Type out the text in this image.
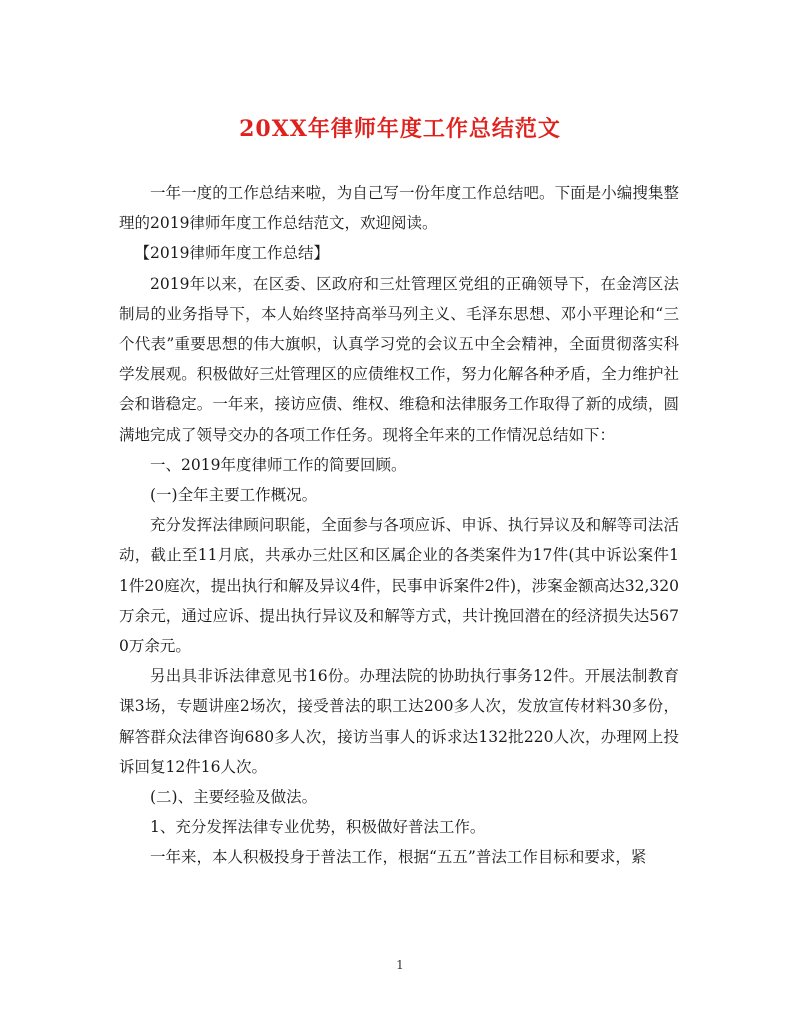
20XX年律师年度工作总结范文

一年一度的工作总结来啦，为自己写一份年度工作总结吧。下面是小编搜集整理的2019律师年度工作总结范文，欢迎阅读。

【2019律师年度工作总结】

2019年以来，在区委、区政府和三灶管理区党组的正确领导下，在金湾区法制局的业务指导下，本人始终坚持高举马列主义、毛泽东思想、邓小平理论和“三个代表”重要思想的伟大旗帜，认真学习党的会议五中全会精神，全面贯彻落实科学发展观。积极做好三灶管理区的应债维权工作，努力化解各种矛盾，全力维护社会和谐稳定。一年来，接访应债、维权、维稳和法律服务工作取得了新的成绩，圆满地完成了领导交办的各项工作任务。现将全年来的工作情况总结如下：

一、2019年度律师工作的简要回顾。

(一)全年主要工作概况。

充分发挥法律顾问职能，全面参与各项应诉、申诉、执行异议及和解等司法活动，截止至11月底，共承办三灶区和区属企业的各类案件为17件(其中诉讼案件11件20庭次，提出执行和解及异议4件，民事申诉案件2件)，涉案金额高达32,320万余元，通过应诉、提出执行异议及和解等方式，共计挽回潜在的经济损失达5670万余元。

另出具非诉法律意见书16份。办理法院的协助执行事务12件。开展法制教育课3场，专题讲座2场次，接受普法的职工达200多人次，发放宣传材料30多份，解答群众法律咨询680多人次，接访当事人的诉求达132批220人次，办理网上投诉回复12件16人次。

(二)、主要经验及做法。

1、充分发挥法律专业优势，积极做好普法工作。

一年来，本人积极投身于普法工作，根据“五五”普法工作目标和要求，紧

1
